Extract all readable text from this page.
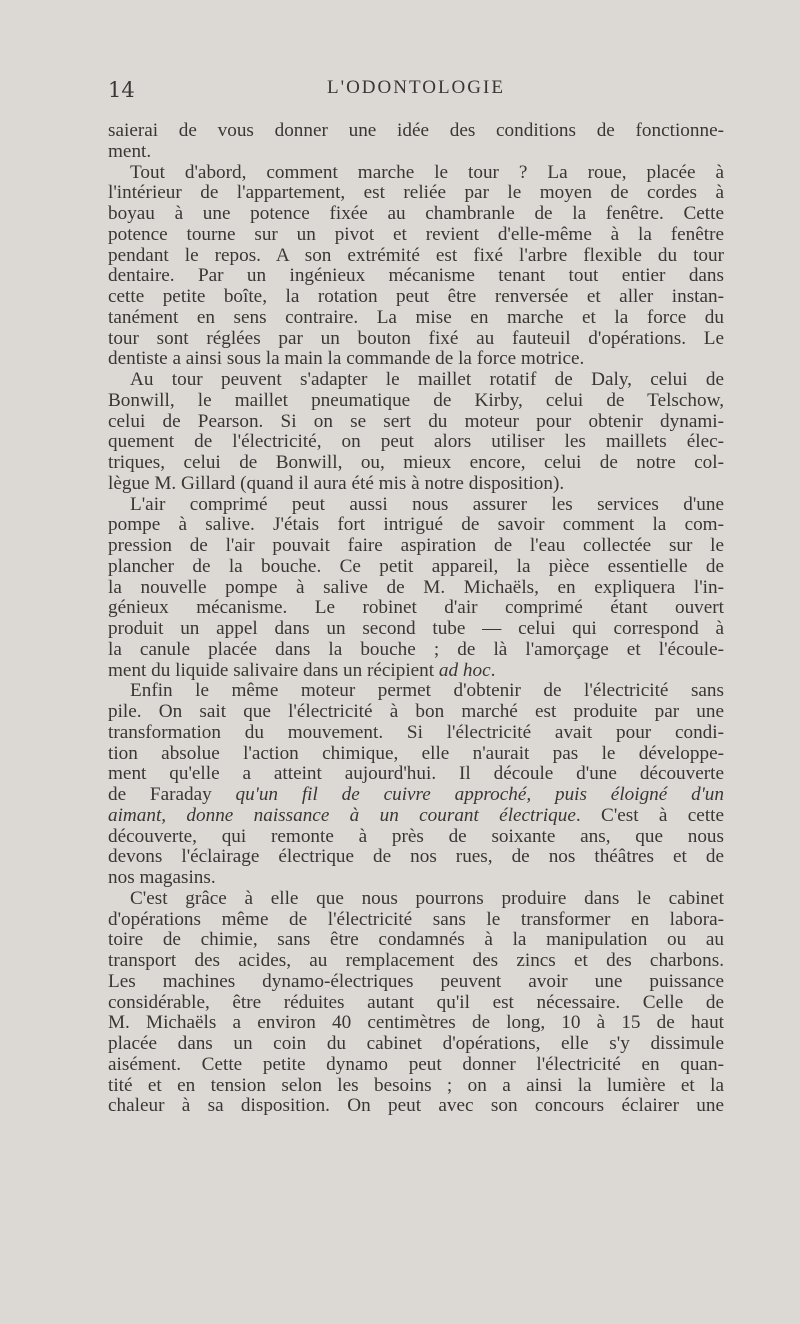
14	L'ODONTOLOGIE
saierai de vous donner une idée des conditions de fonctionne-
ment.
Tout d'abord, comment marche le tour ? La roue, placée à
l'intérieur de l'appartement, est reliée par le moyen de cordes à
boyau à une potence fixée au chambranle de la fenêtre. Cette
potence tourne sur un pivot et revient d'elle-même à la fenêtre
pendant le repos. A son extrémité est fixé l'arbre flexible du tour
dentaire. Par un ingénieux mécanisme tenant tout entier dans
cette petite boîte, la rotation peut être renversée et aller instan-
tanément en sens contraire. La mise en marche et la force du
tour sont réglées par un bouton fixé au fauteuil d'opérations. Le
dentiste a ainsi sous la main la commande de la force motrice.
Au tour peuvent s'adapter le maillet rotatif de Daly, celui de
Bonwill, le maillet pneumatique de Kirby, celui de Telschow,
celui de Pearson. Si on se sert du moteur pour obtenir dynami-
quement de l'électricité, on peut alors utiliser les maillets élec-
triques, celui de Bonwill, ou, mieux encore, celui de notre col-
lègue M. Gillard (quand il aura été mis à notre disposition).
L'air comprimé peut aussi nous assurer les services d'une
pompe à salive. J'étais fort intrigué de savoir comment la com-
pression de l'air pouvait faire aspiration de l'eau collectée sur le
plancher de la bouche. Ce petit appareil, la pièce essentielle de
la nouvelle pompe à salive de M. Michaëls, en expliquera l'in-
génieux mécanisme. Le robinet d'air comprimé étant ouvert
produit un appel dans un second tube — celui qui correspond à
la canule placée dans la bouche ; de là l'amorçage et l'écoule-
ment du liquide salivaire dans un récipient ad hoc.
Enfin le même moteur permet d'obtenir de l'électricité sans
pile. On sait que l'électricité à bon marché est produite par une
transformation du mouvement. Si l'électricité avait pour condi-
tion absolue l'action chimique, elle n'aurait pas le développe-
ment qu'elle a atteint aujourd'hui. Il découle d'une découverte
de Faraday qu'un fil de cuivre approché, puis éloigné d'un
aimant, donne naissance à un courant électrique. C'est à cette
découverte, qui remonte à près de soixante ans, que nous
devons l'éclairage électrique de nos rues, de nos théâtres et de
nos magasins.
C'est grâce à elle que nous pourrons produire dans le cabinet
d'opérations même de l'électricité sans le transformer en labora-
toire de chimie, sans être condamnés à la manipulation ou au
transport des acides, au remplacement des zincs et des charbons.
Les machines dynamo-électriques peuvent avoir une puissance
considérable, être réduites autant qu'il est nécessaire. Celle de
M. Michaëls a environ 40 centimètres de long, 10 à 15 de haut
placée dans un coin du cabinet d'opérations, elle s'y dissimule
aisément. Cette petite dynamo peut donner l'électricité en quan-
tité et en tension selon les besoins ; on a ainsi la lumière et la
chaleur à sa disposition. On peut avec son concours éclairer une
